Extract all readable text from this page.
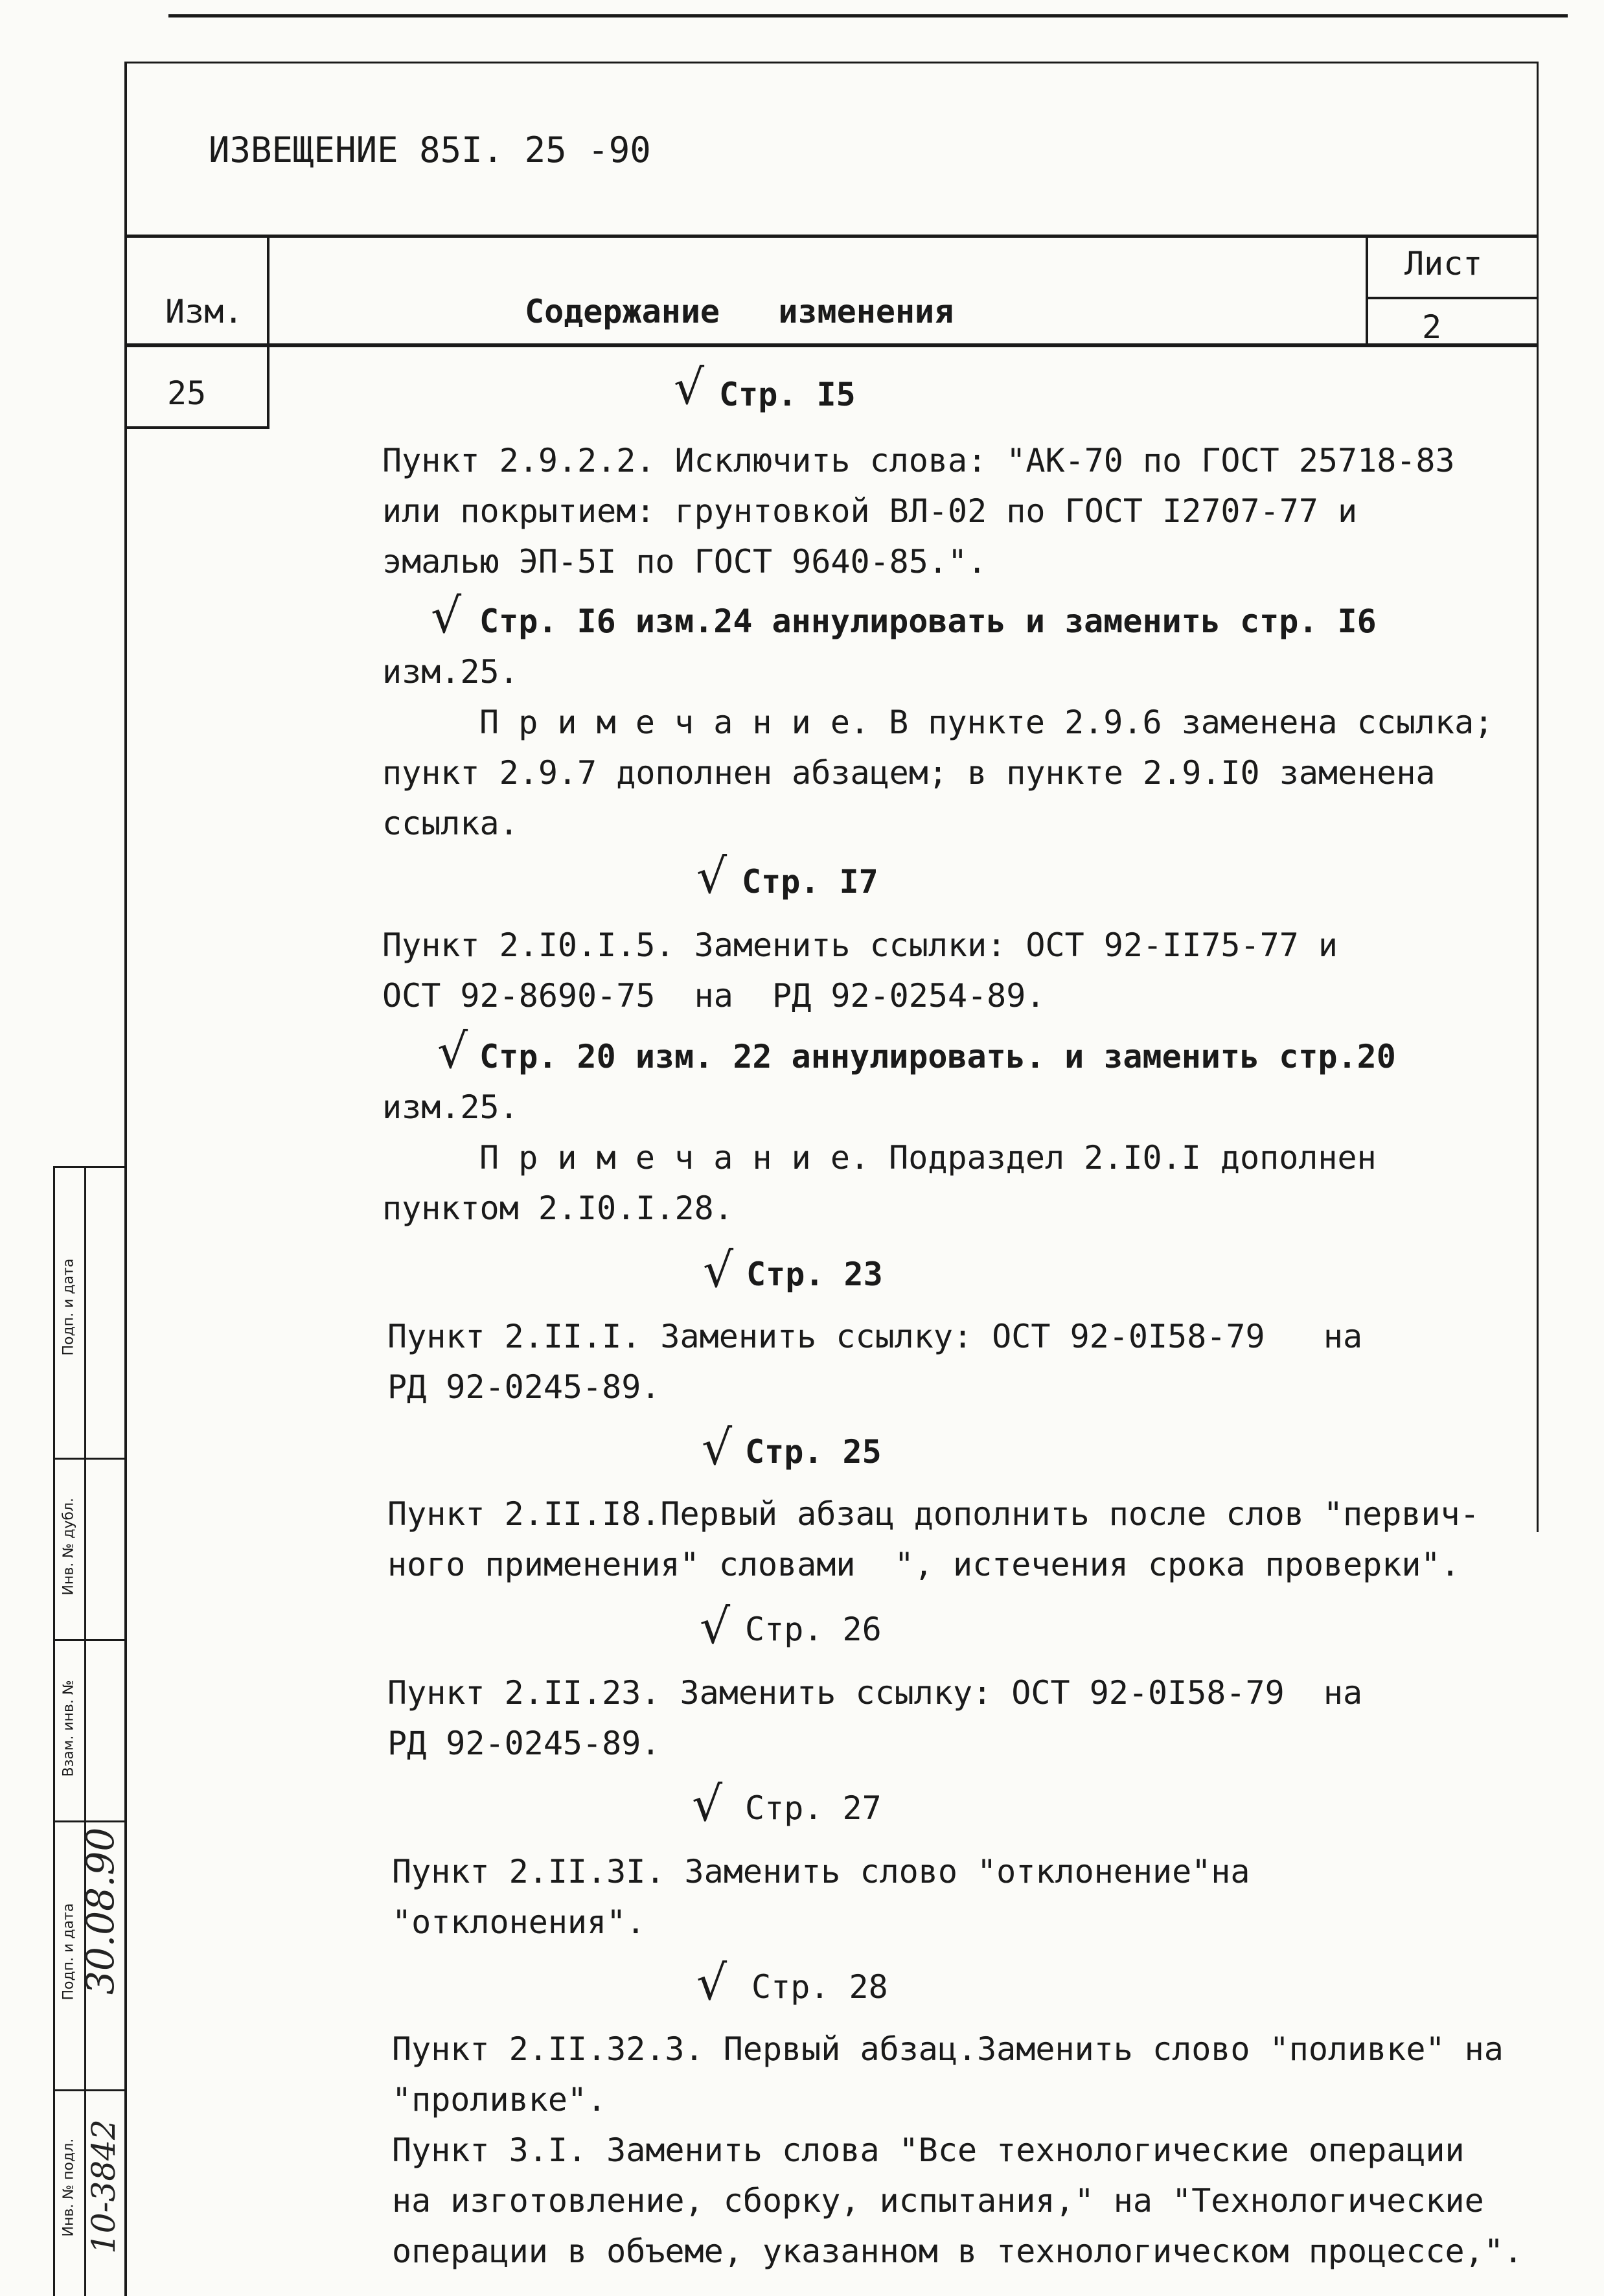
ИЗВЕЩЕНИЕ 85I. 25 -90
Изм.	Содержание   изменения
Лист
2
25	√
√
√
√
√
√
√
√
√
Стр. I5
Пункт 2.9.2.2. Исключить слова: "АК-70 по ГОСТ 25718-83
или покрытием: грунтовкой ВЛ-02 по ГОСТ I2707-77 и
эмалью ЭП-5I по ГОСТ 9640-85.".
Стр. I6 изм.24 аннулировать и заменить стр. I6
изм.25.
П р и м е ч а н и е. В пункте 2.9.6 заменена ссылка;
пункт 2.9.7 дополнен абзацем; в пункте 2.9.I0 заменена
ссылка.
Стр. I7
Пункт 2.I0.I.5. Заменить ссылки: ОСТ 92-II75-77 и
ОСТ 92-8690-75  на  РД 92-0254-89.
Стр. 20 изм. 22 аннулировать. и заменить стр.20
изм.25.
П р и м е ч а н и е. Подраздел 2.I0.I дополнен
пунктом 2.I0.I.28.
Стр. 23
Пункт 2.II.I. Заменить ссылку: ОСТ 92-0I58-79   на
РД 92-0245-89.
Стр. 25
Пункт 2.II.I8.Первый абзац дополнить после слов "первич-
ного применения" словами  ", истечения срока проверки".
Стр. 26
Пункт 2.II.23. Заменить ссылку: ОСТ 92-0I58-79  на
РД 92-0245-89.
Стр. 27
Пункт 2.II.3I. Заменить слово "отклонение"на
"отклонения".
Стр. 28
Пункт 2.II.32.3. Первый абзац.Заменить слово "поливке" на
"проливке".
Пункт 3.I. Заменить слова "Все технологические операции
на изготовление, сборку, испытания," на "Технологические
операции в объеме, указанном в технологическом процессе,".
Подп. и дата
Инв. № дубл.
Взам. инв. №
Подп. и дата
Инв. № подл.
30.08.90
10-3842
